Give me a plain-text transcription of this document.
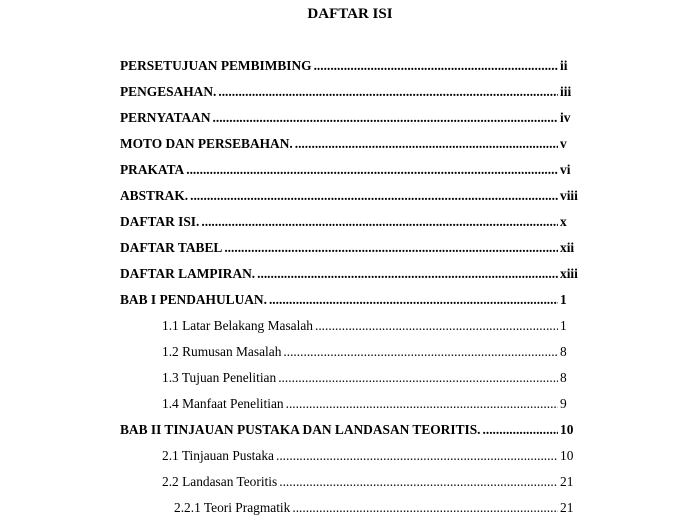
DAFTAR ISI
PERSETUJUAN PEMBIMBING .....	ii
PENGESAHAN. .....	iii
PERNYATAAN .....	iv
MOTO DAN PERSEBAHAN. .....	v
PRAKATA .....	vi
ABSTRAK. .....	viii
DAFTAR ISI. .....	x
DAFTAR TABEL .....	xii
DAFTAR LAMPIRAN. .....	xiii
BAB I PENDAHULUAN. .....	1
1.1 Latar Belakang Masalah .....	1
1.2 Rumusan Masalah .....	8
1.3 Tujuan Penelitian .....	8
1.4 Manfaat Penelitian .....	9
BAB II TINJAUAN PUSTAKA DAN LANDASAN TEORITIS. .....	10
2.1 Tinjauan Pustaka .....	10
2.2 Landasan Teoritis .....	21
2.2.1 Teori Pragmatik .....	21
